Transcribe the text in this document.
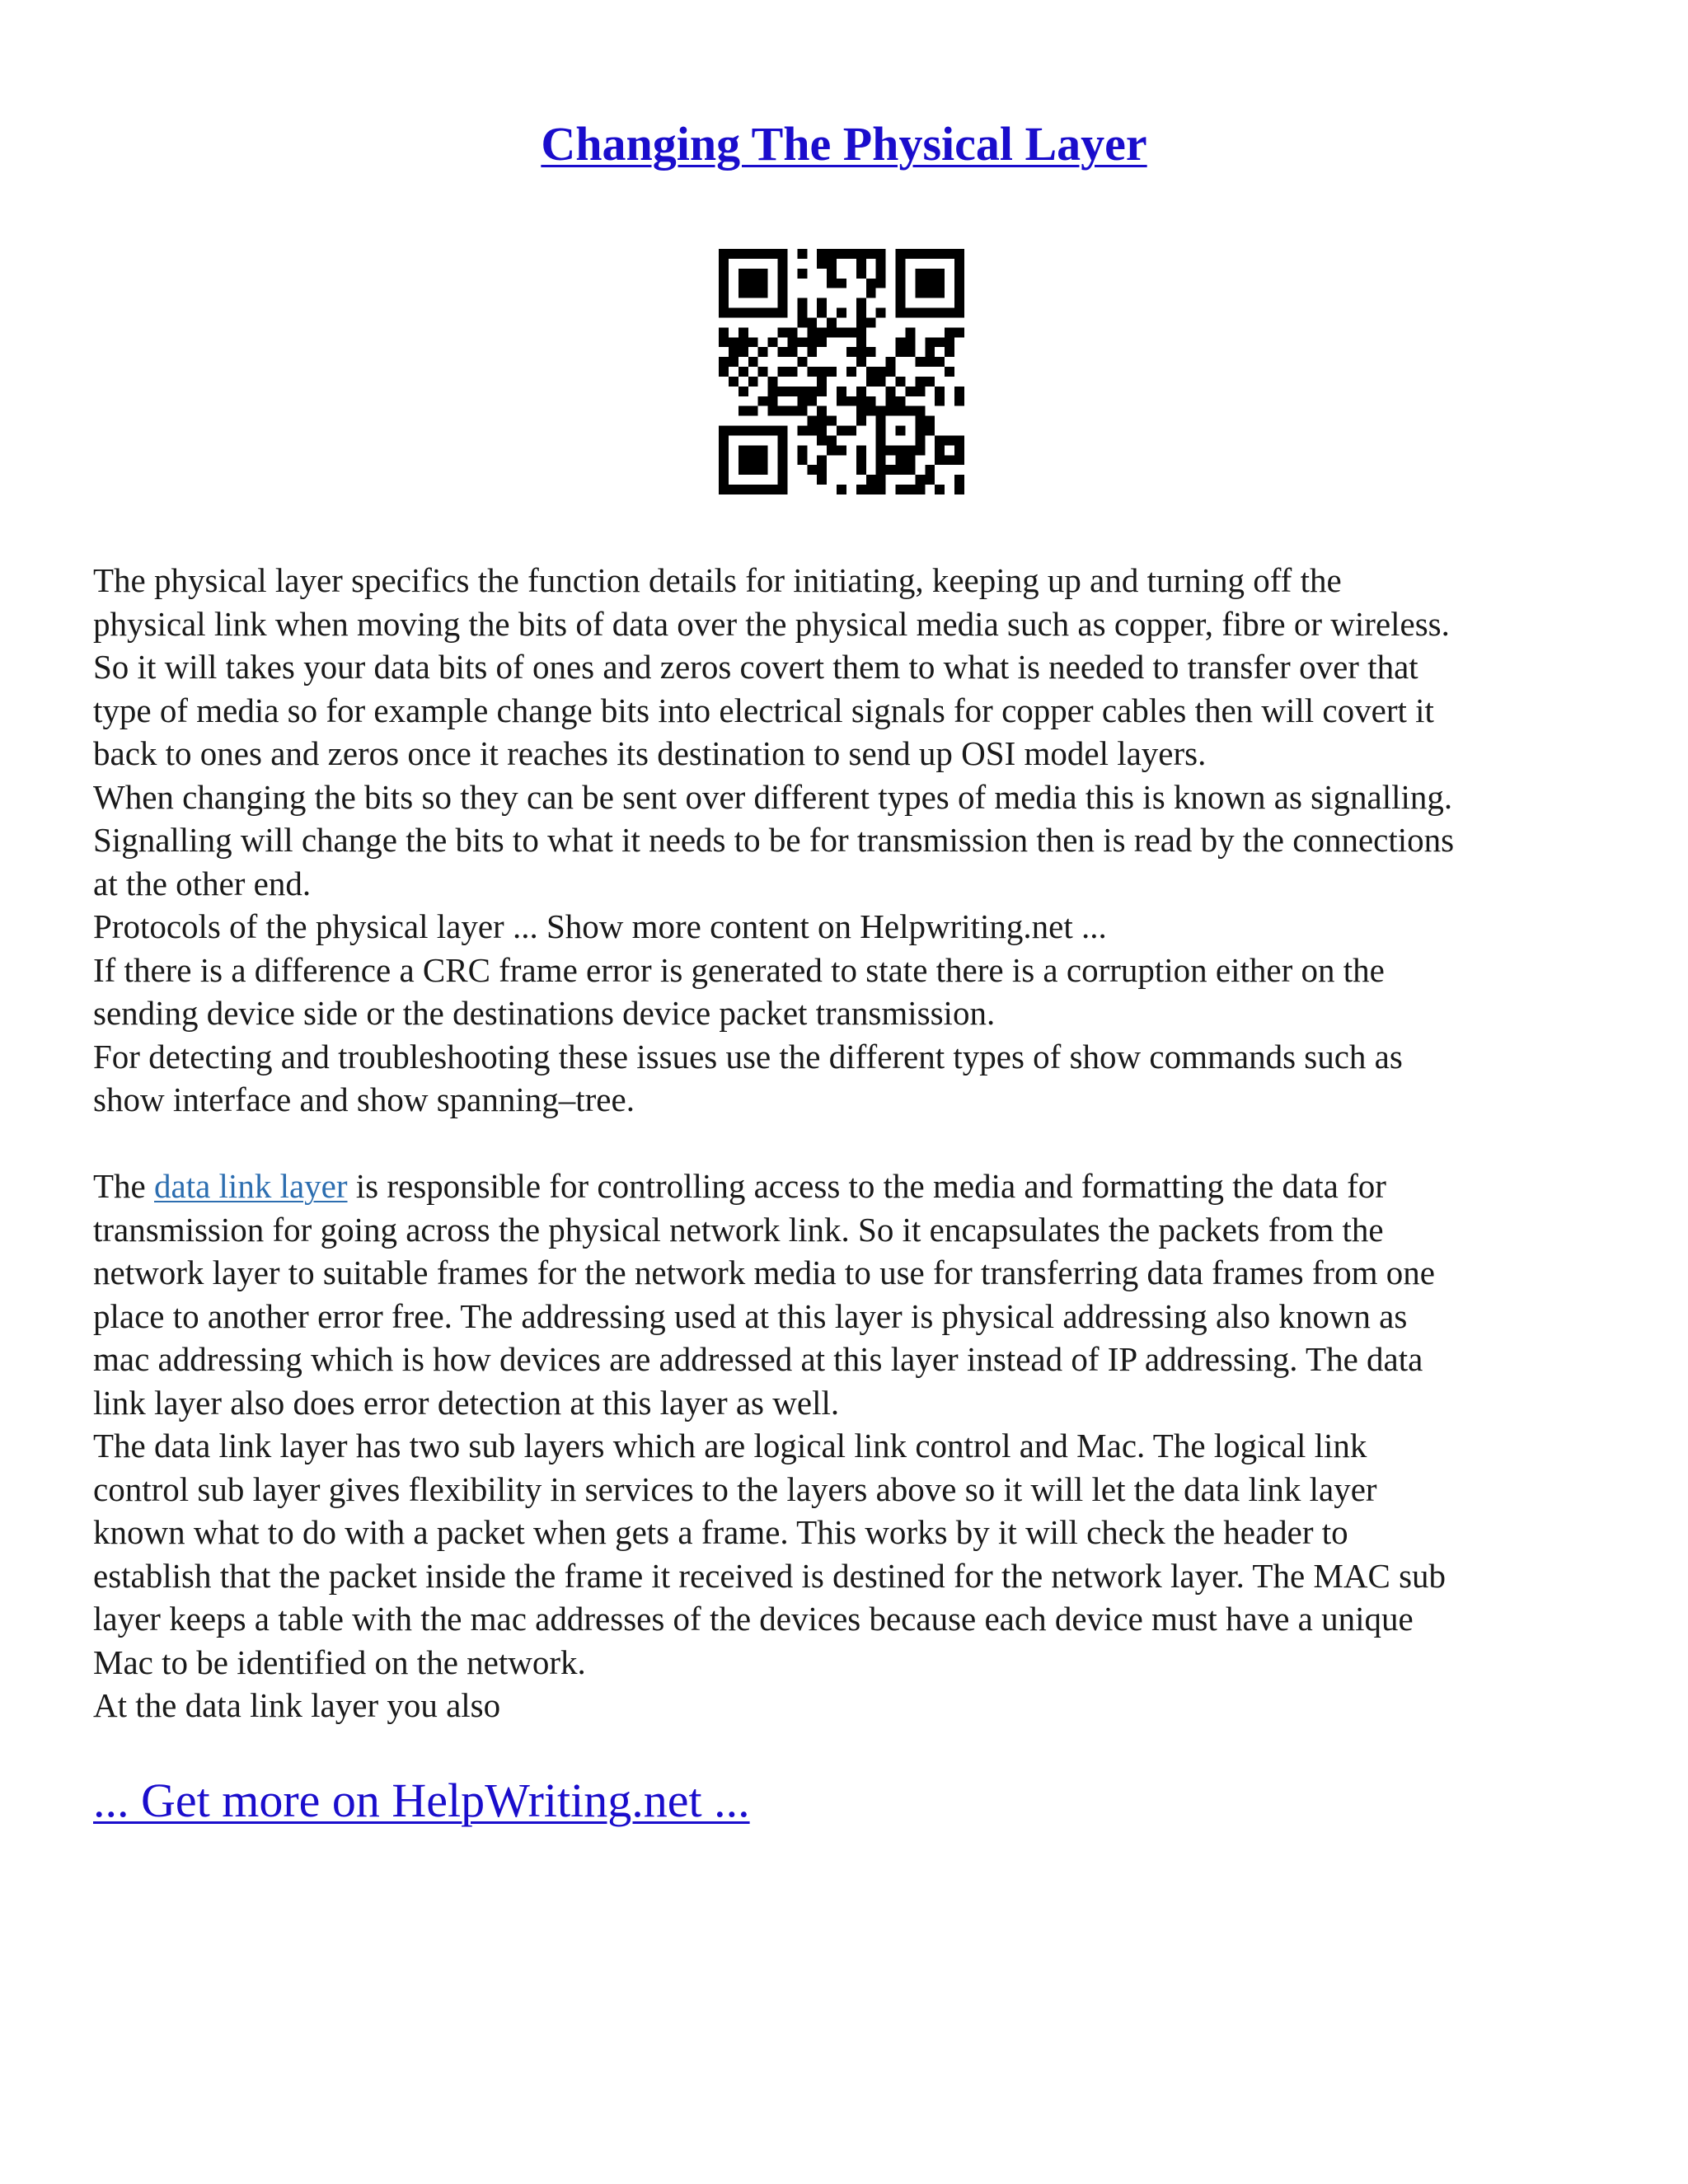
Changing The Physical Layer

The physical layer specifics the function details for initiating, keeping up and turning off the

physical link when moving the bits of data over the physical media such as copper, fibre or wireless.

So it will takes your data bits of ones and zeros covert them to what is needed to transfer over that

type of media so for example change bits into electrical signals for copper cables then will covert it

back to ones and zeros once it reaches its destination to send up OSI model layers.

When changing the bits so they can be sent over different types of media this is known as signalling.

Signalling will change the bits to what it needs to be for transmission then is read by the connections

at the other end.

Protocols of the physical layer ... Show more content on Helpwriting.net ...

If there is a difference a CRC frame error is generated to state there is a corruption either on the

sending device side or the destinations device packet transmission.

For detecting and troubleshooting these issues use the different types of show commands such as

show interface and show spanning–tree.

The data link layer is responsible for controlling access to the media and formatting the data for

transmission for going across the physical network link. So it encapsulates the packets from the

network layer to suitable frames for the network media to use for transferring data frames from one

place to another error free. The addressing used at this layer is physical addressing also known as

mac addressing which is how devices are addressed at this layer instead of IP addressing. The data

link layer also does error detection at this layer as well.

The data link layer has two sub layers which are logical link control and Mac. The logical link

control sub layer gives flexibility in services to the layers above so it will let the data link layer

known what to do with a packet when gets a frame. This works by it will check the header to

establish that the packet inside the frame it received is destined for the network layer. The MAC sub

layer keeps a table with the mac addresses of the devices because each device must have a unique

Mac to be identified on the network.

At the data link layer you also

... Get more on HelpWriting.net ...
